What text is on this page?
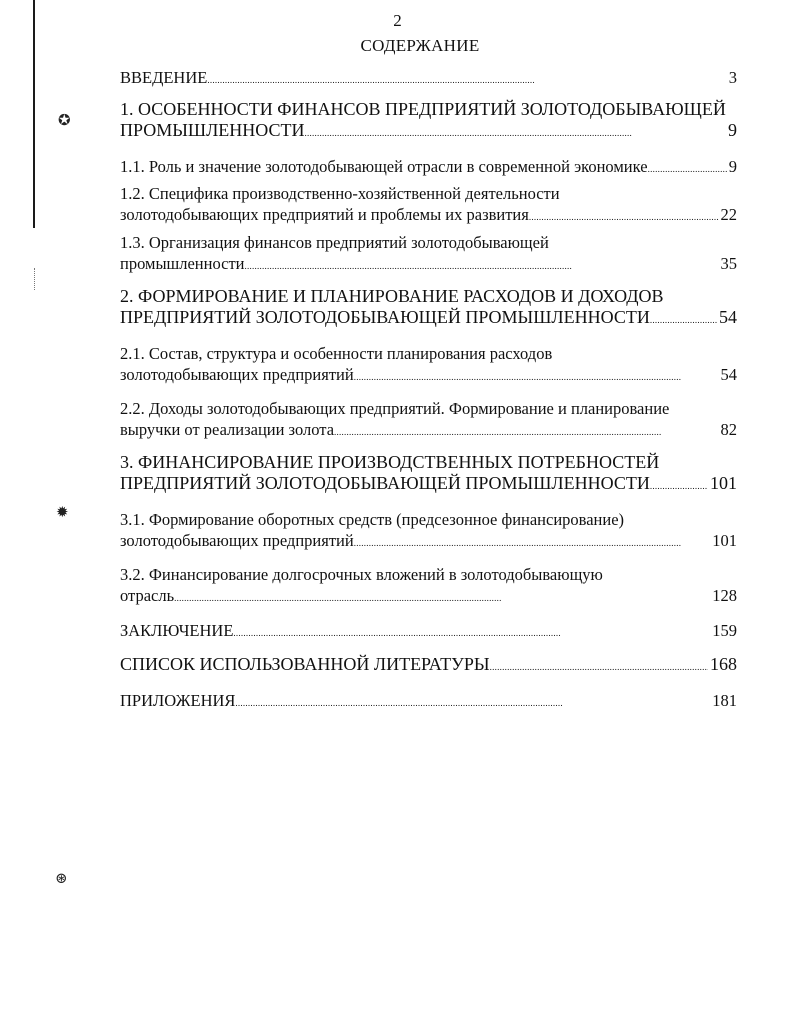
✪
✹
⊛
2
СОДЕРЖАНИЕ
ВВЕДЕНИЕ . . .	3
1. ОСОБЕННОСТИ ФИНАНСОВ ПРЕДПРИЯТИЙ ЗОЛОТОДОБЫВАЮЩЕЙ
ПРОМЫШЛЕННОСТИ . . .	9
1.1. Роль и значение золотодобывающей отрасли в современной экономике . . .	9
1.2. Специфика производственно-хозяйственной деятельности
золотодобывающих предприятий и проблемы их развития . . .	22
1.3. Организация финансов предприятий золотодобывающей
промышленности . . .	35
2. ФОРМИРОВАНИЕ И ПЛАНИРОВАНИЕ РАСХОДОВ И ДОХОДОВ
ПРЕДПРИЯТИЙ ЗОЛОТОДОБЫВАЮЩЕЙ ПРОМЫШЛЕННОСТИ . . .	54
2.1. Состав, структура и особенности планирования расходов
золотодобывающих предприятий . . .	54
2.2. Доходы золотодобывающих предприятий. Формирование и планирование
выручки от реализации золота . . .	82
3. ФИНАНСИРОВАНИЕ ПРОИЗВОДСТВЕННЫХ ПОТРЕБНОСТЕЙ
ПРЕДПРИЯТИЙ ЗОЛОТОДОБЫВАЮЩЕЙ ПРОМЫШЛЕННОСТИ . . .	101
3.1. Формирование оборотных средств (предсезонное финансирование)
золотодобывающих предприятий . . .	101
3.2. Финансирование долгосрочных вложений в золотодобывающую
отрасль . . .	128
ЗАКЛЮЧЕНИЕ . . .	159
СПИСОК ИСПОЛЬЗОВАННОЙ ЛИТЕРАТУРЫ . . .	168
ПРИЛОЖЕНИЯ . . .	181
